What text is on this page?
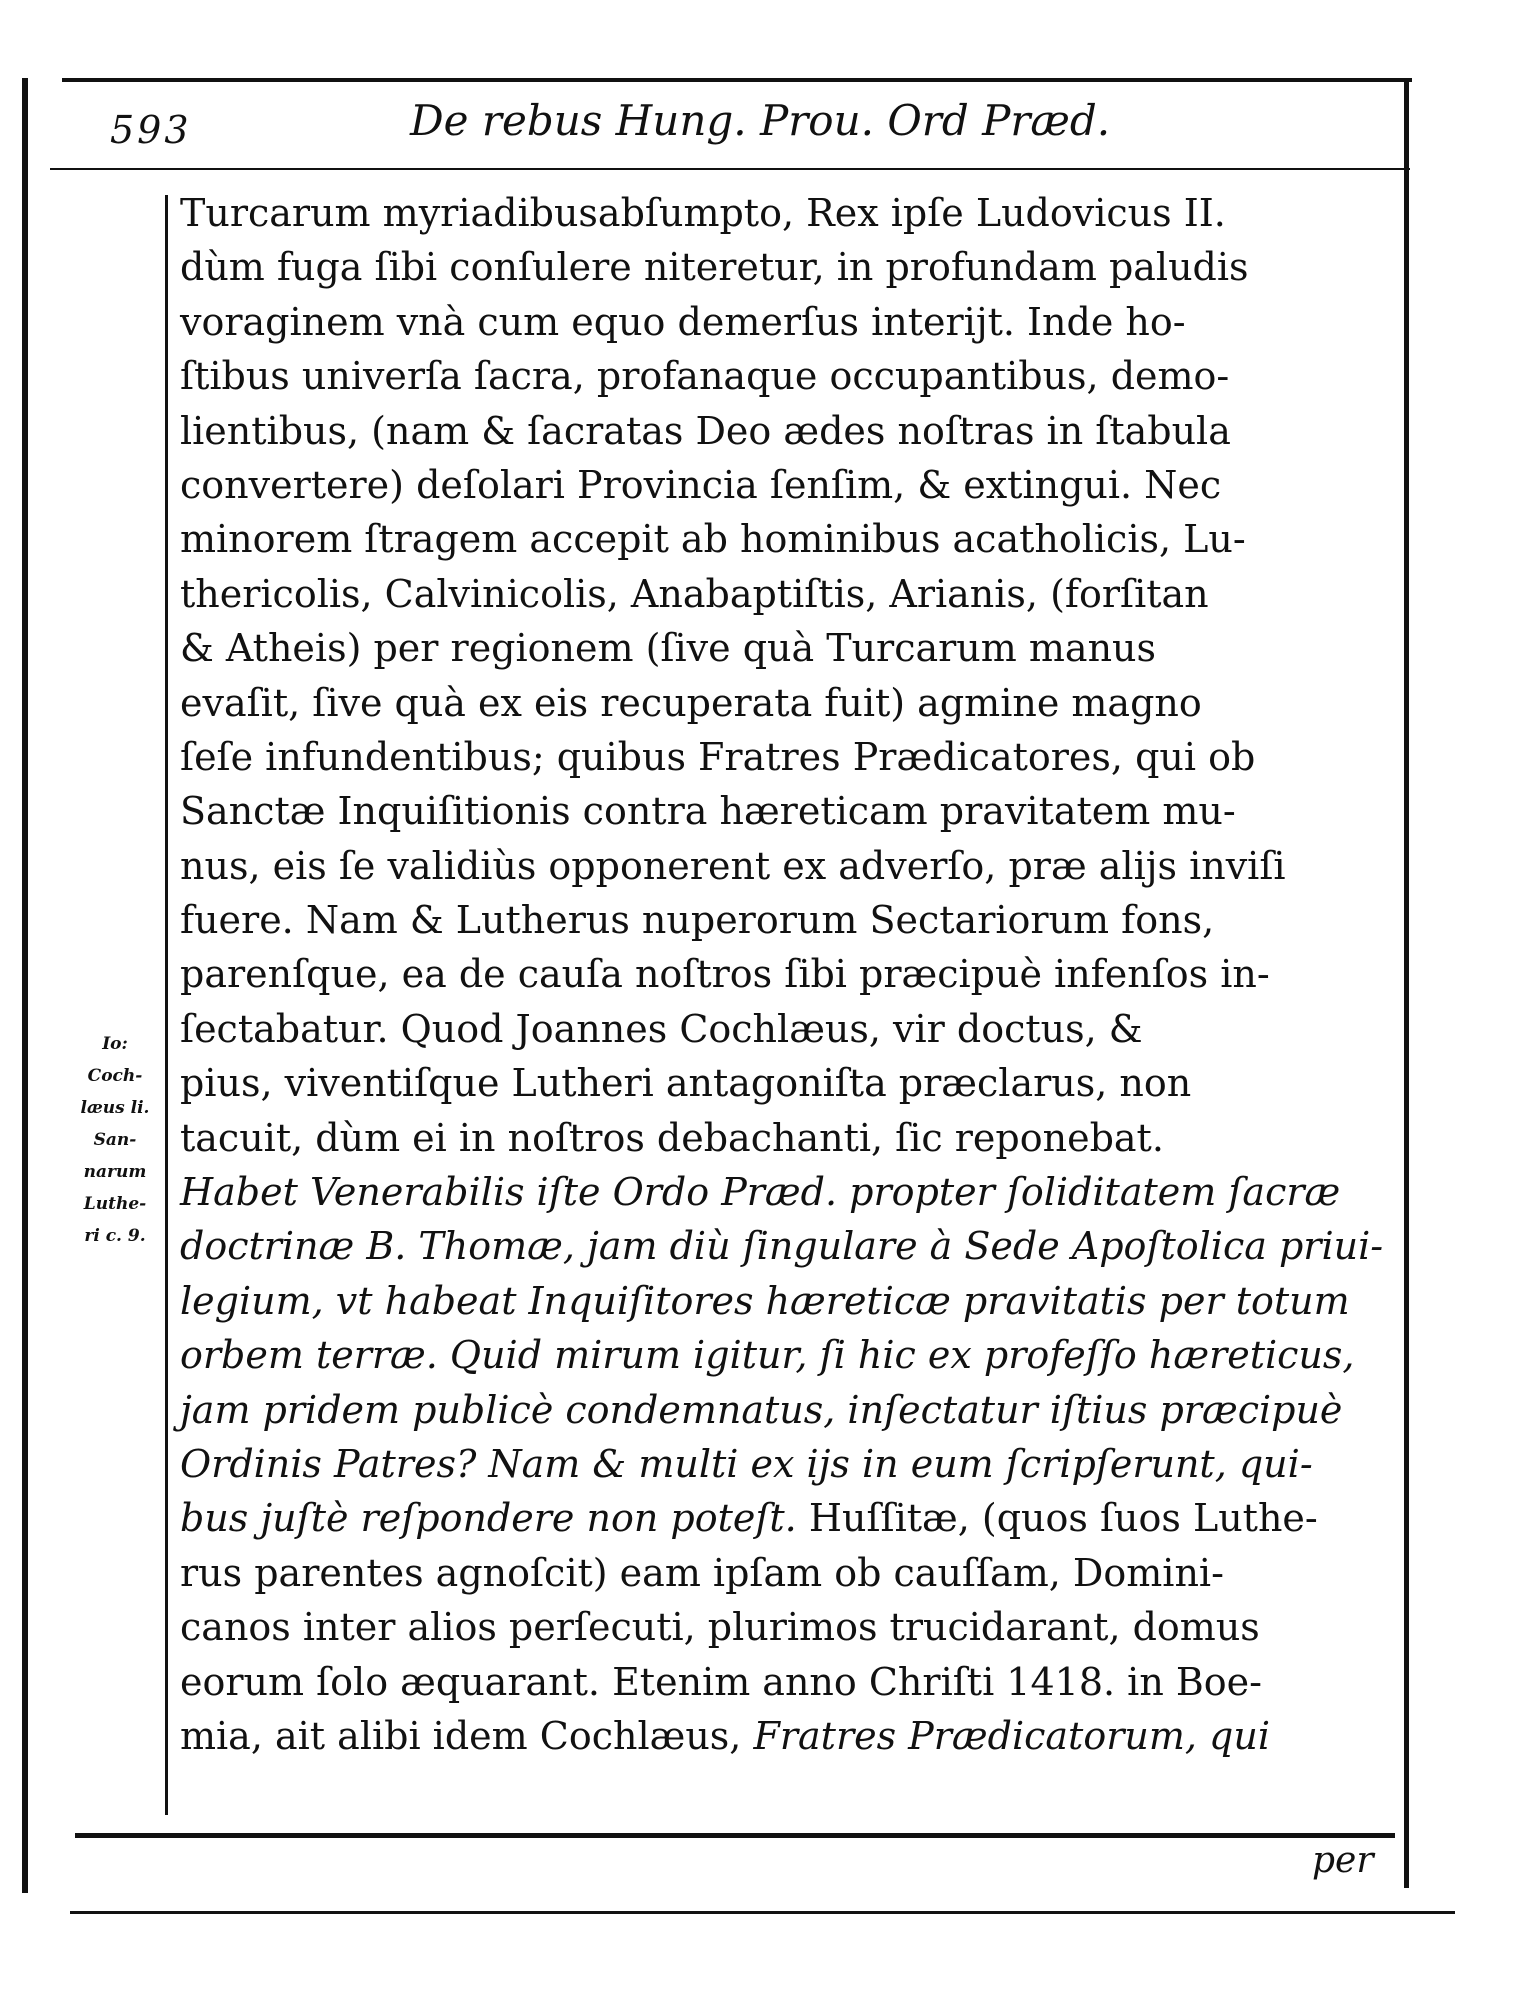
593	De rebus Hung. Prou. Ord Præd.
Io:
Coch-
læus li.
San-
narum
Luthe-
ri c. 9.
Turcarum myriadibusabſumpto, Rex ipſe Ludovicus II.
dùm fuga ſibi conſulere niteretur, in profundam paludis
voraginem vnà cum equo demerſus interijt. Inde ho-
ſtibus univerſa ſacra, profanaque occupantibus, demo-
lientibus, (nam & ſacratas Deo ædes noſtras in ſtabula
convertere) deſolari Provincia ſenſim, & extingui. Nec
minorem ſtragem accepit ab hominibus acatholicis, Lu-
thericolis, Calvinicolis, Anabaptiſtis, Arianis, (forſitan
& Atheis) per regionem (ſive quà Turcarum manus
evaſit, ſive quà ex eis recuperata fuit) agmine magno
ſeſe infundentibus; quibus Fratres Prædicatores, qui ob
Sanctæ Inquiſitionis contra hæreticam pravitatem mu-
nus, eis ſe validiùs opponerent ex adverſo, præ alijs inviſi
fuere. Nam & Lutherus nuperorum Sectariorum fons,
parenſque, ea de cauſa noſtros ſibi præcipuè infenſos in-
ſectabatur. Quod Joannes Cochlæus, vir doctus, &
pius, viventiſque Lutheri antagoniſta præclarus, non
tacuit, dùm ei in noſtros debachanti, ſic reponebat.
Habet Venerabilis iſte Ordo Præd. propter ſoliditatem ſacræ
doctrinæ B. Thomæ, jam diù ſingulare à Sede Apoſtolica priui-
legium, vt habeat Inquiſitores hæreticæ pravitatis per totum
orbem terræ. Quid mirum igitur, ſi hic ex profeſſo hæreticus,
jam pridem publicè condemnatus, inſectatur iſtius præcipuè
Ordinis Patres? Nam & multi ex ijs in eum ſcripſerunt, qui-
bus juſtè reſpondere non poteſt. Huſſitæ, (quos ſuos Luthe-
rus parentes agnoſcit) eam ipſam ob cauſſam, Domini-
canos inter alios perſecuti, plurimos trucidarant, domus
eorum ſolo æquarant. Etenim anno Chriſti 1418. in Boe-
mia, ait alibi idem Cochlæus, Fratres Prædicatorum, qui
per
